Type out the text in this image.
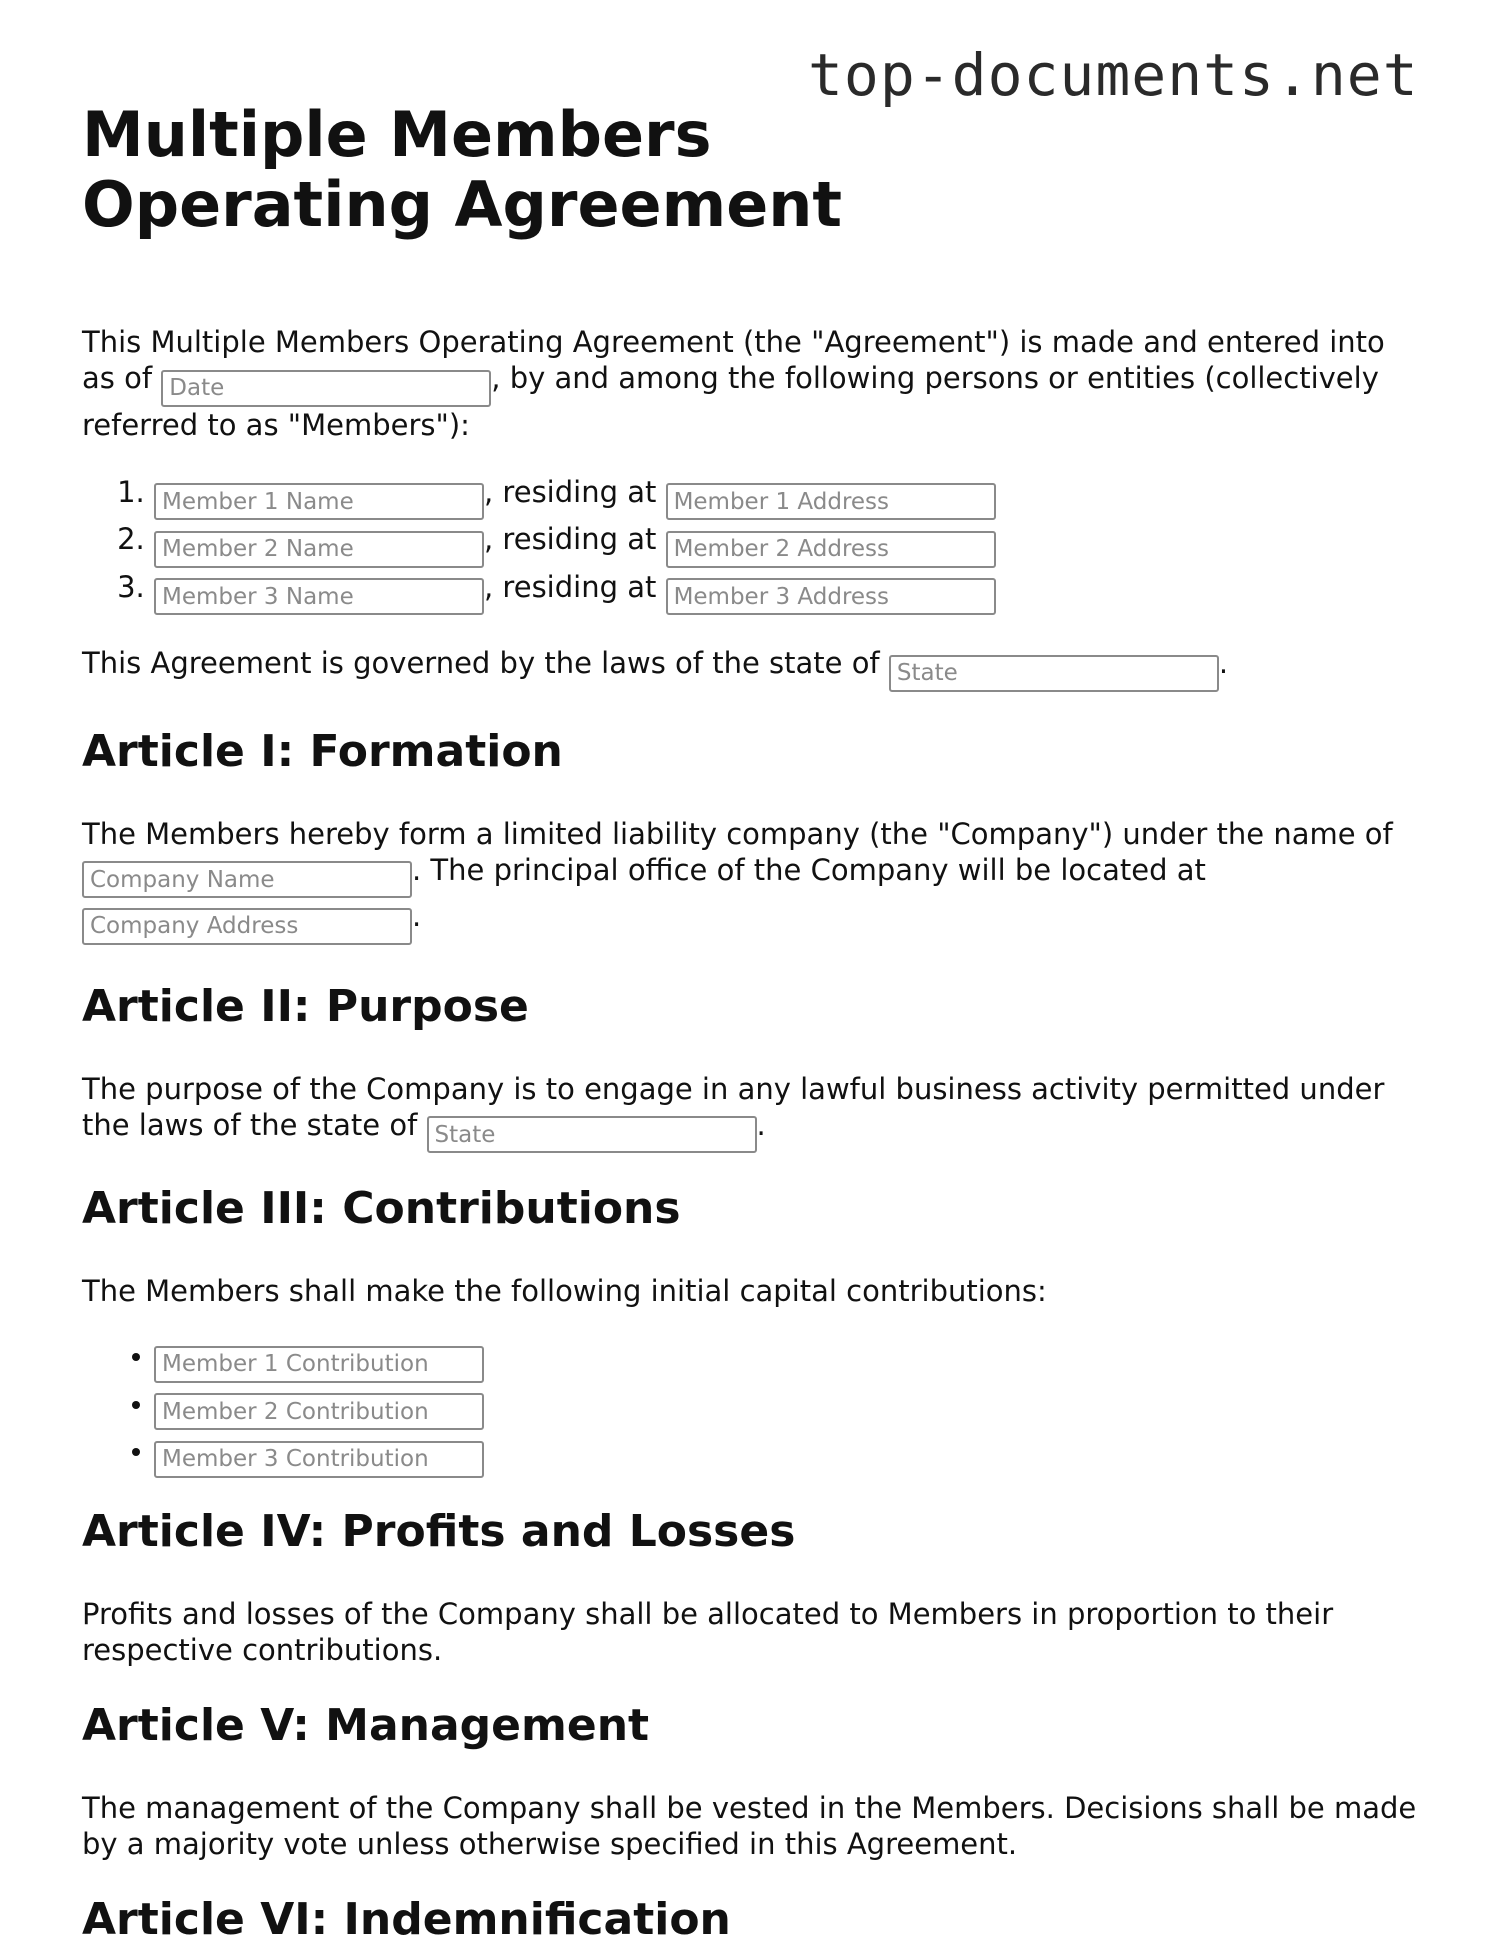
top-documents.net
Multiple Members Operating Agreement

This Multiple Members Operating Agreement (the "Agreement") is made and entered into as of Date	, by and among the following persons or entities (collectively referred to as "Members"):

Member 1 Name 1. , residing at Member 1 Address
Member 2 Name 2. , residing at Member 2 Address
Member 3 Name 3. , residing at Member 3 Address

This Agreement is governed by the laws of the state of State	.

Article I: Formation

The Members hereby form a limited liability company (the "Company") under the name of Company Name. The principal office of the Company will be located at Company Address.

Article II: Purpose

The purpose of the Company is to engage in any lawful business activity permitted under the laws of the state of State	.

Article III: Contributions

The Members shall make the following initial capital contributions:

• Member 1 Contribution
• Member 2 Contribution
• Member 3 Contribution
Article IV: Profits and Losses

Profits and losses of the Company shall be allocated to Members in proportion to their respective contributions.

Article V: Management

The management of the Company shall be vested in the Members. Decisions shall be made by a majority vote unless otherwise specified in this Agreement.

Article VI: Indemnification
